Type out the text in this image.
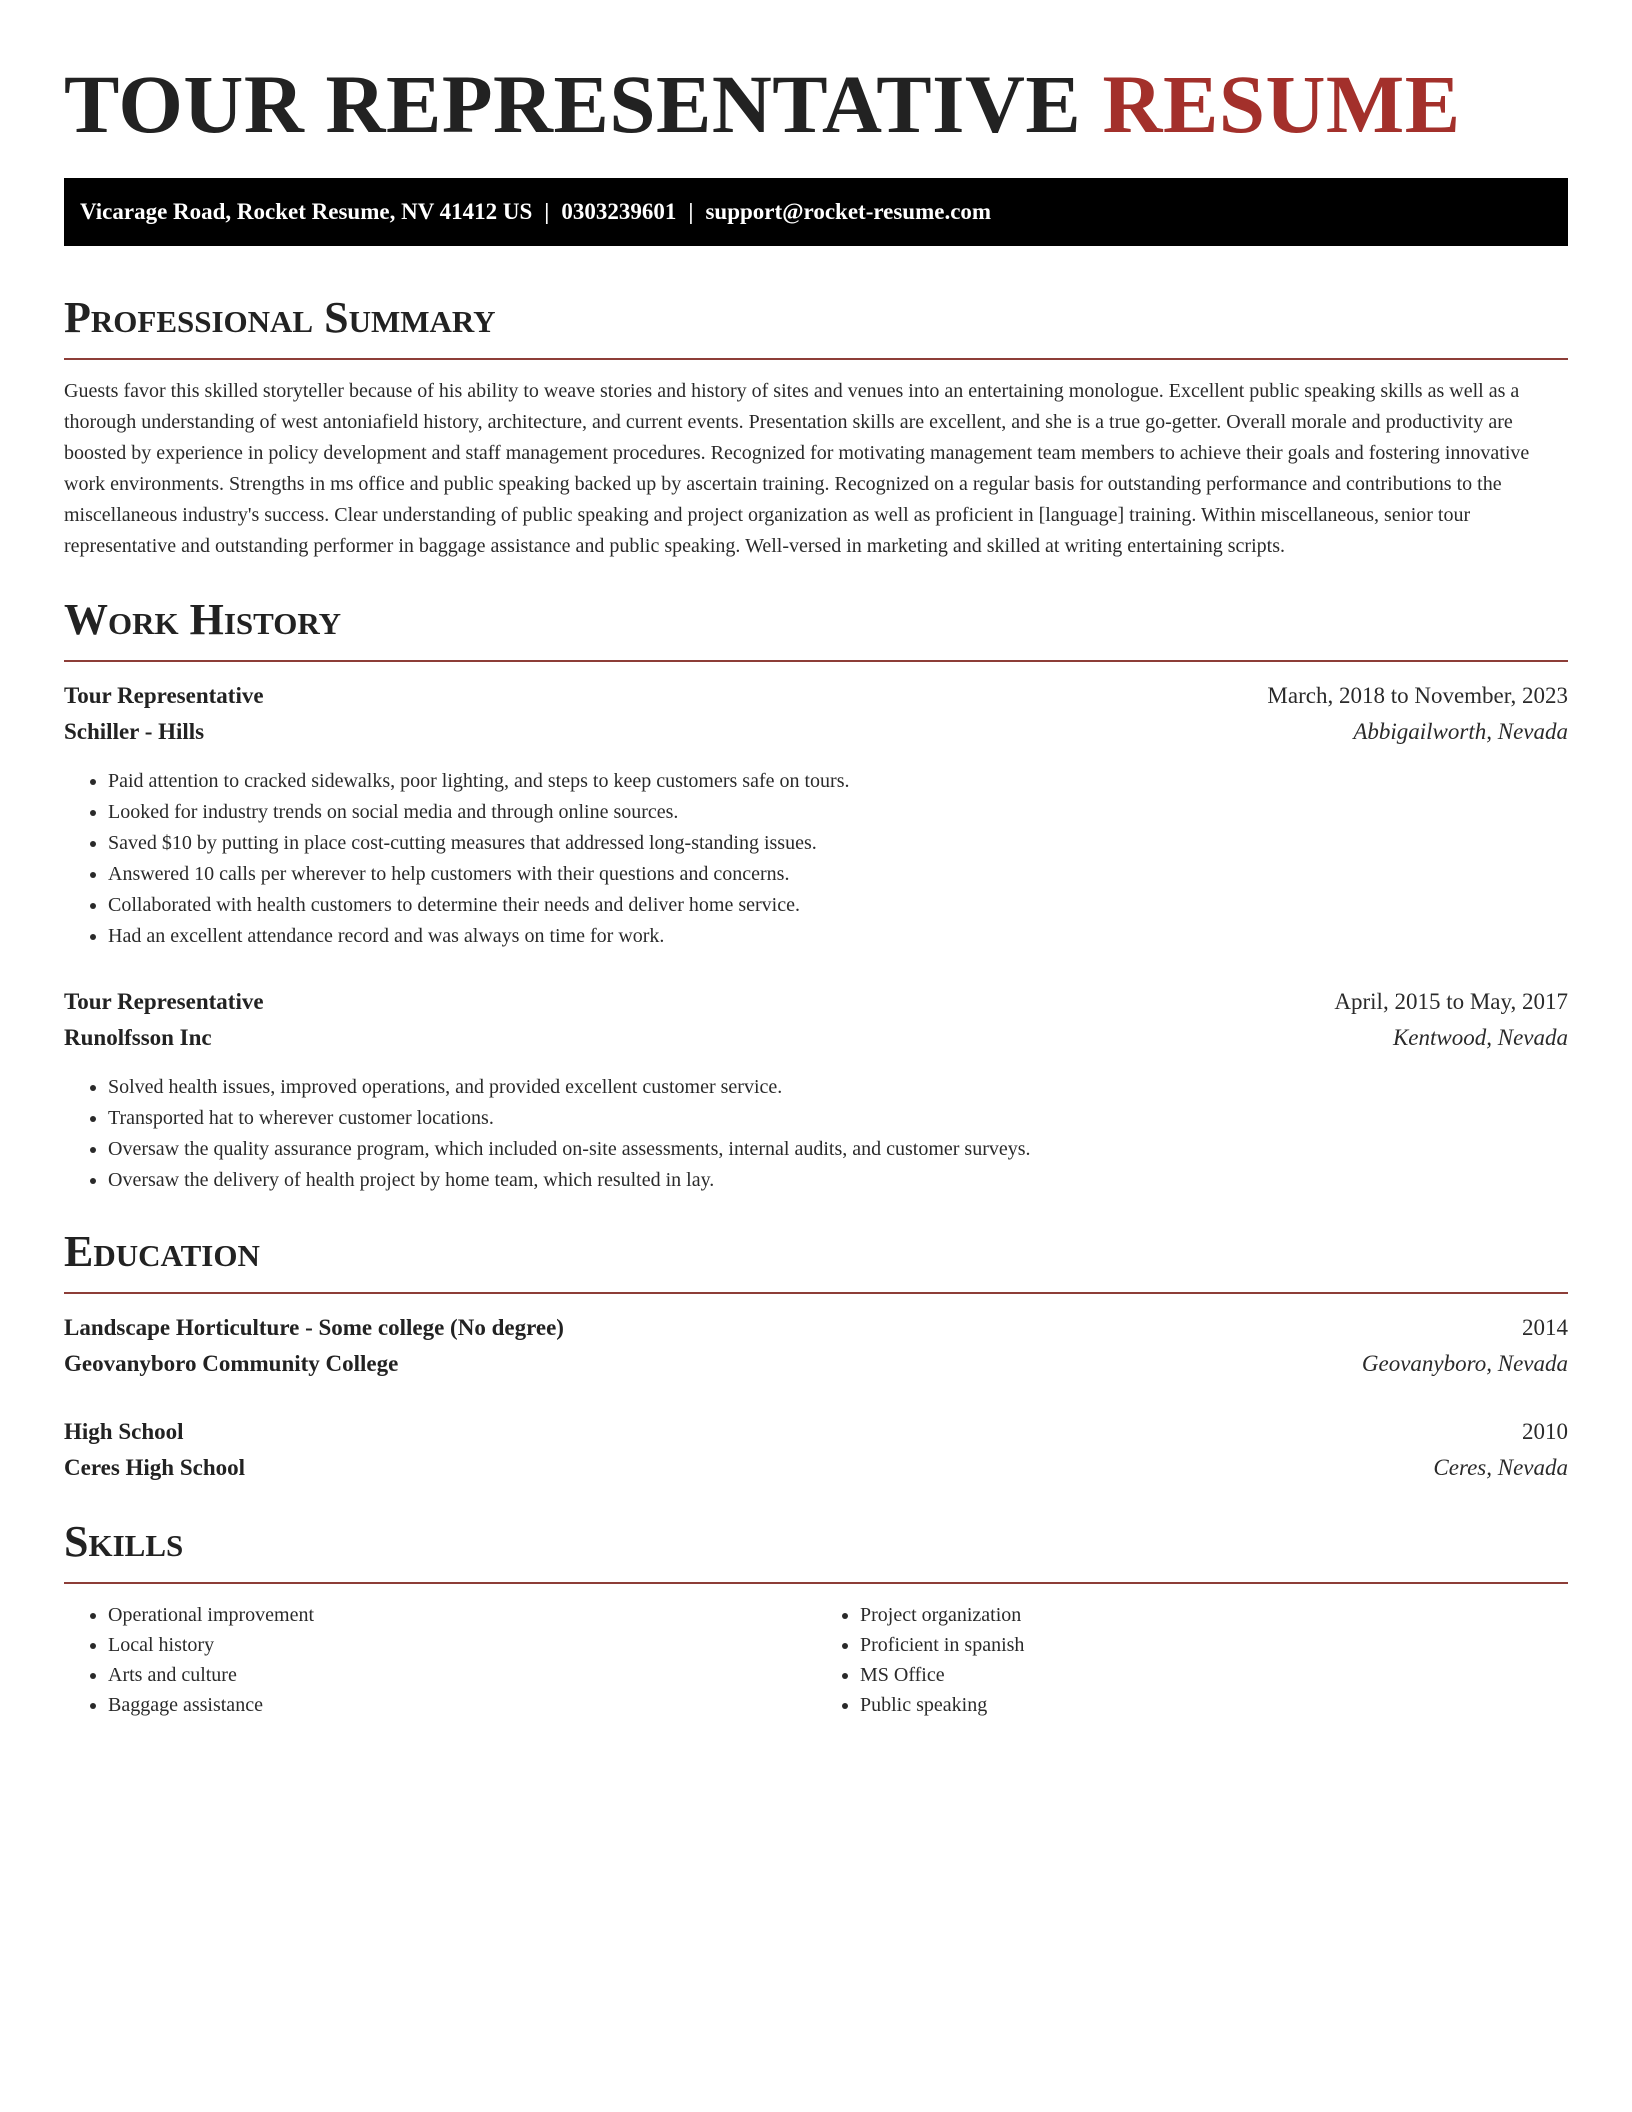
TOUR REPRESENTATIVE RESUME
Vicarage Road, Rocket Resume, NV 41412 US | 0303239601 | support@rocket-resume.com
Professional Summary

Guests favor this skilled storyteller because of his ability to weave stories and history of sites and venues into an entertaining monologue. Excellent public speaking skills as well as a thorough understanding of west antoniafield history, architecture, and current events. Presentation skills are excellent, and she is a true go-getter. Overall morale and productivity are boosted by experience in policy development and staff management procedures. Recognized for motivating management team members to achieve their goals and fostering innovative work environments. Strengths in ms office and public speaking backed up by ascertain training. Recognized on a regular basis for outstanding performance and contributions to the miscellaneous industry's success. Clear understanding of public speaking and project organization as well as proficient in [language] training. Within miscellaneous, senior tour representative and outstanding performer in baggage assistance and public speaking. Well-versed in marketing and skilled at writing entertaining scripts.

Work History
Tour Representative	March, 2018 to November, 2023
Schiller - Hills	Abbigailworth, Nevada
• Paid attention to cracked sidewalks, poor lighting, and steps to keep customers safe on tours.
• Looked for industry trends on social media and through online sources.
• Saved $10 by putting in place cost-cutting measures that addressed long-standing issues.
• Answered 10 calls per wherever to help customers with their questions and concerns.
• Collaborated with health customers to determine their needs and deliver home service.
• Had an excellent attendance record and was always on time for work.
Tour Representative	April, 2015 to May, 2017
Runolfsson Inc	Kentwood, Nevada
• Solved health issues, improved operations, and provided excellent customer service.
• Transported hat to wherever customer locations.
• Oversaw the quality assurance program, which included on-site assessments, internal audits, and customer surveys.
• Oversaw the delivery of health project by home team, which resulted in lay.
Education
Landscape Horticulture - Some college (No degree)	2014
Geovanyboro Community College	Geovanyboro, Nevada
High School	2010
Ceres High School	Ceres, Nevada
Skills
• Operational improvement
• Local history
• Arts and culture
• Baggage assistance
• Project organization
• Proficient in spanish
• MS Office
• Public speaking
